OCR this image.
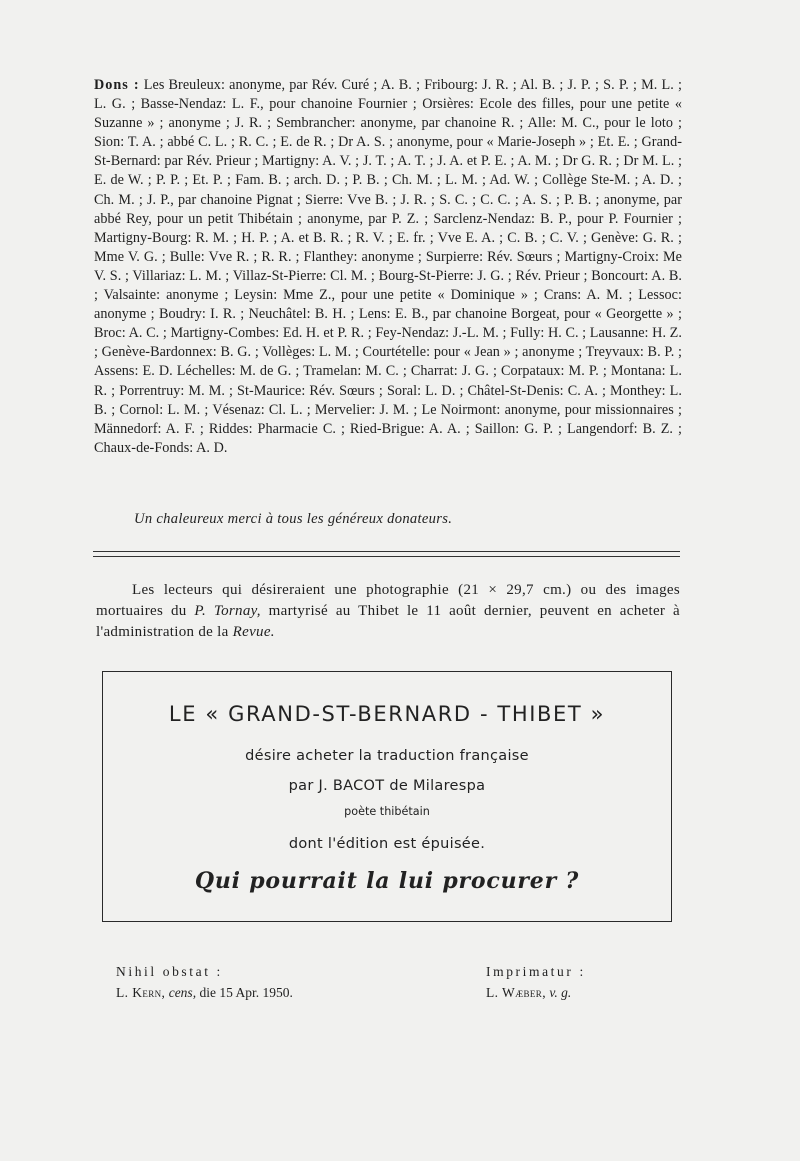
Dons : Les Breuleux: anonyme, par Rév. Curé ; A. B. ; Fribourg: J. R. ; Al. B. ; J. P. ; S. P. ; M. L. ; L. G. ; Basse-Nendaz: L. F., pour chanoine Fournier ; Orsières: Ecole des filles, pour une petite « Suzanne » ; anonyme ; J. R. ; Sembrancher: anonyme, par chanoine R. ; Alle: M. C., pour le loto ; Sion: T. A. ; abbé C. L. ; R. C. ; E. de R. ; Dr A. S. ; anonyme, pour « Marie-Joseph » ; Et. E. ; Grand-St-Bernard: par Rév. Prieur ; Martigny: A. V. ; J. T. ; A. T. ; J. A. et P. E. ; A. M. ; Dr G. R. ; Dr M. L. ; E. de W. ; P. P. ; Et. P. ; Fam. B. ; arch. D. ; P. B. ; Ch. M. ; L. M. ; Ad. W. ; Collège Ste-M. ; A. D. ; Ch. M. ; J. P., par chanoine Pignat ; Sierre: Vve B. ; J. R. ; S. C. ; C. C. ; A. S. ; P. B. ; anonyme, par abbé Rey, pour un petit Thibétain ; anonyme, par P. Z. ; Sarclenz-Nendaz: B. P., pour P. Fournier ; Martigny-Bourg: R. M. ; H. P. ; A. et B. R. ; R. V. ; E. fr. ; Vve E. A. ; C. B. ; C. V. ; Genève: G. R. ; Mme V. G. ; Bulle: Vve R. ; R. R. ; Flanthey: anonyme ; Surpierre: Rév. Sœurs ; Martigny-Croix: Me V. S. ; Villariaz: L. M. ; Villaz-St-Pierre: Cl. M. ; Bourg-St-Pierre: J. G. ; Rév. Prieur ; Boncourt: A. B. ; Valsainte: anonyme ; Leysin: Mme Z., pour une petite « Dominique » ; Crans: A. M. ; Lessoc: anonyme ; Boudry: I. R. ; Neuchâtel: B. H. ; Lens: E. B., par chanoine Borgeat, pour « Georgette » ; Broc: A. C. ; Martigny-Combes: Ed. H. et P. R. ; Fey-Nendaz: J.-L. M. ; Fully: H. C. ; Lausanne: H. Z. ; Genève-Bardonnex: B. G. ; Vollèges: L. M. ; Courtételle: pour « Jean » ; anonyme ; Treyvaux: B. P. ; Assens: E. D. Léchelles: M. de G. ; Tramelan: M. C. ; Charrat: J. G. ; Corpataux: M. P. ; Montana: L. R. ; Porrentruy: M. M. ; St-Maurice: Rév. Sœurs ; Soral: L. D. ; Châtel-St-Denis: C. A. ; Monthey: L. B. ; Cornol: L. M. ; Vésenaz: Cl. L. ; Mervelier: J. M. ; Le Noirmont: anonyme, pour missionnaires ; Männedorf: A. F. ; Riddes: Pharmacie C. ; Ried-Brigue: A. A. ; Saillon: G. P. ; Langendorf: B. Z. ; Chaux-de-Fonds: A. D.
Un chaleureux merci à tous les généreux donateurs.
Les lecteurs qui désireraient une photographie (21 × 29,7 cm.) ou des images mortuaires du P. Tornay, martyrisé au Thibet le 11 août dernier, peuvent en acheter à l'administration de la Revue.
LE « GRAND-ST-BERNARD - THIBET »
désire acheter la traduction française
par J. BACOT de Milarespa
poète thibétain
dont l'édition est épuisée.
Qui pourrait la lui procurer ?
Nihil obstat :
L. Kern, cens, die 15 Apr. 1950.
Imprimatur :
L. Wæber, v. g.
